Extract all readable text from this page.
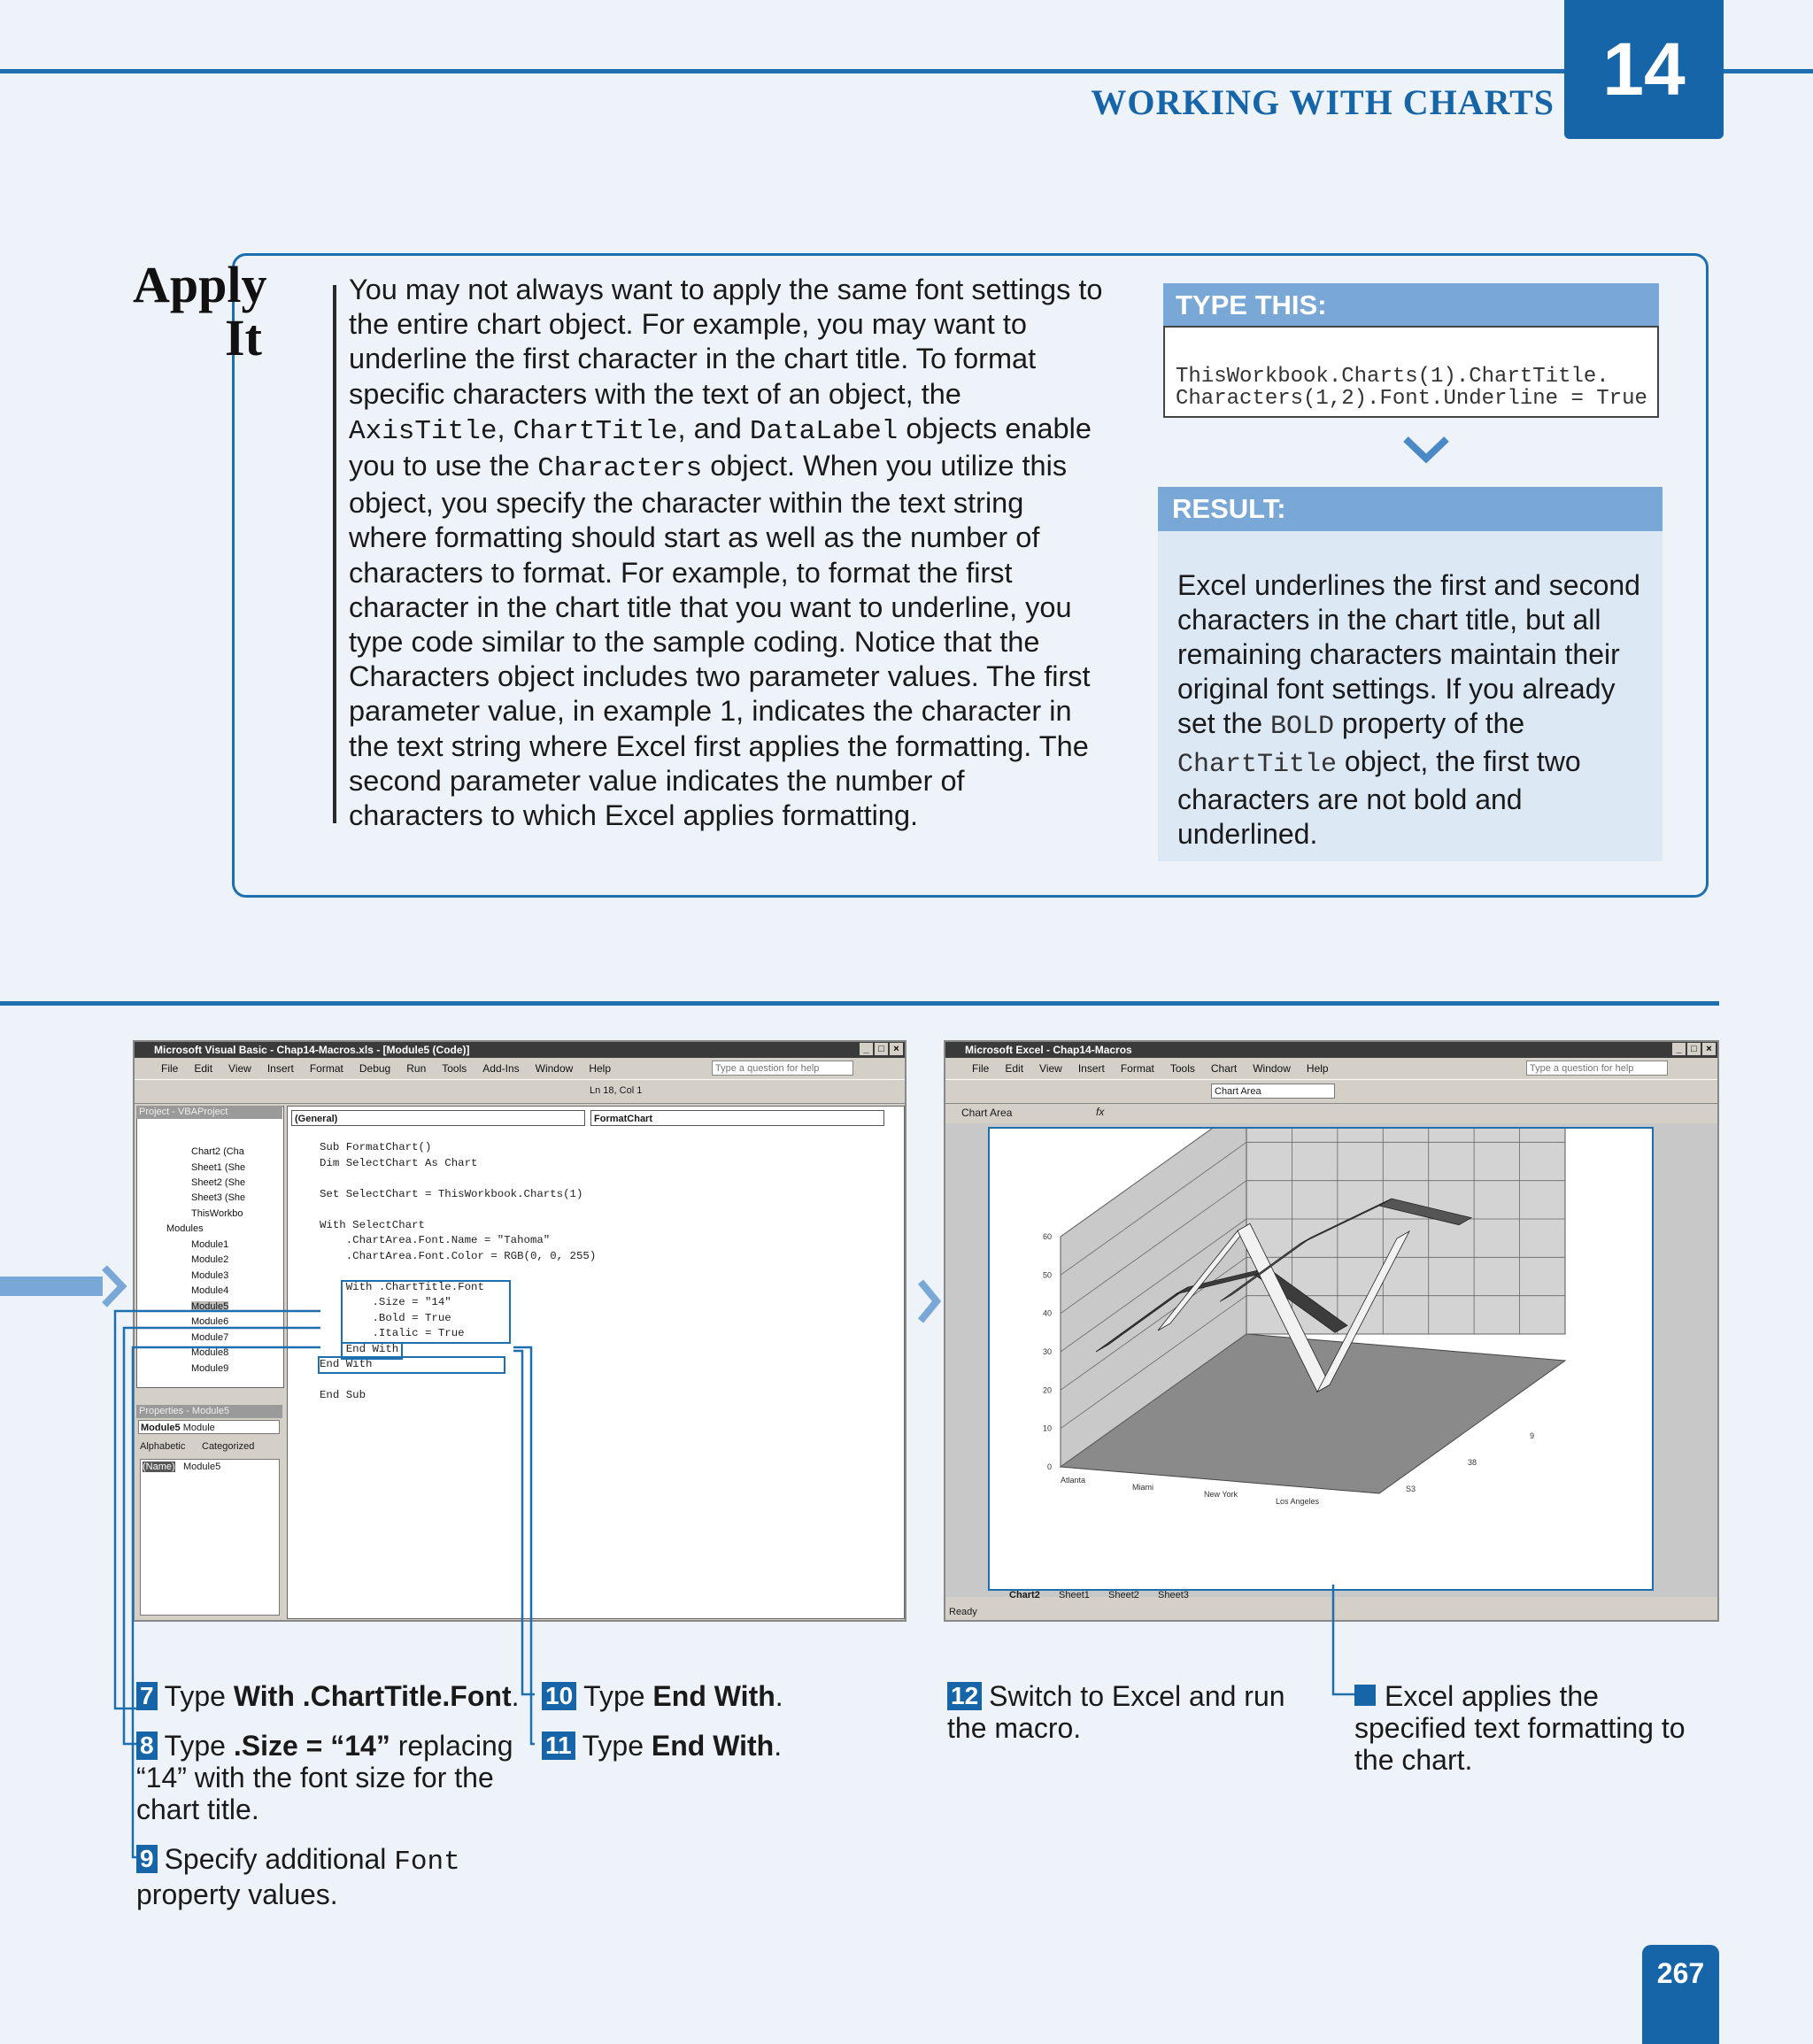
WORKING WITH CHARTS 14
Apply
It
You may not always want to apply the same font settings to the entire chart object. For example, you may want to underline the first character in the chart title. To format specific characters with the text of an object, the AxisTitle, ChartTitle, and DataLabel objects enable you to use the Characters object. When you utilize this object, you specify the character within the text string where formatting should start as well as the number of characters to format. For example, to format the first character in the chart title that you want to underline, you type code similar to the sample coding. Notice that the Characters object includes two parameter values. The first parameter value, in example 1, indicates the character in the text string where Excel first applies the formatting. The second parameter value indicates the number of characters to which Excel applies formatting.
TYPE THIS:
ThisWorkbook.Charts(1).ChartTitle.
Characters(1,2).Font.Underline = True
RESULT:
Excel underlines the first and second characters in the chart title, but all remaining characters maintain their original font settings. If you already set the BOLD property of the ChartTitle object, the first two characters are not bold and underlined.
Microsoft Visual Basic - Chap14-Macros.xls - [Module5 (Code)]	_ □ ×
File Edit View Insert Format Debug Run Tools Add-Ins Window Help	Type a question for help
Ln 18, Col 1
Project - VBAProject
Chart2 (Cha
Sheet1 (She
Sheet2 (She
Sheet3 (She
ThisWorkbo
Modules
Module1
Module2
Module3
Module4
Module5
Module6
Module7
Module8
Module9
Properties - Module5
Module5 Module
Alphabetic Categorized
(Name) Module5
(General)	FormatChart
Sub FormatChart()
Dim SelectChart As Chart

Set SelectChart = ThisWorkbook.Charts(1)

With SelectChart
.ChartArea.Font.Name = "Tahoma"
.ChartArea.Font.Color = RGB(0, 0, 255)

With .ChartTitle.Font
.Size = "14"
.Bold = True
.Italic = True
End With
End With

End Sub
Microsoft Excel - Chap14-Macros	_ □ ×
File Edit View Insert Format Tools Chart Window Help	Type a question for help
Chart Area
Chart Area	fx
0
10
20
30
40
50
60
Atlanta
Miami
New York
Los Angeles
9
38
S3
Chart2 Sheet1 Sheet2 Sheet3
Ready
7 Type With .ChartTitle.Font.
8 Type .Size = “14” replacing “14” with the font size for the chart title.
9 Specify additional Font property values.
10 Type End With.
11 Type End With.
12 Switch to Excel and run the macro.
Excel applies the specified text formatting to the chart.
267
